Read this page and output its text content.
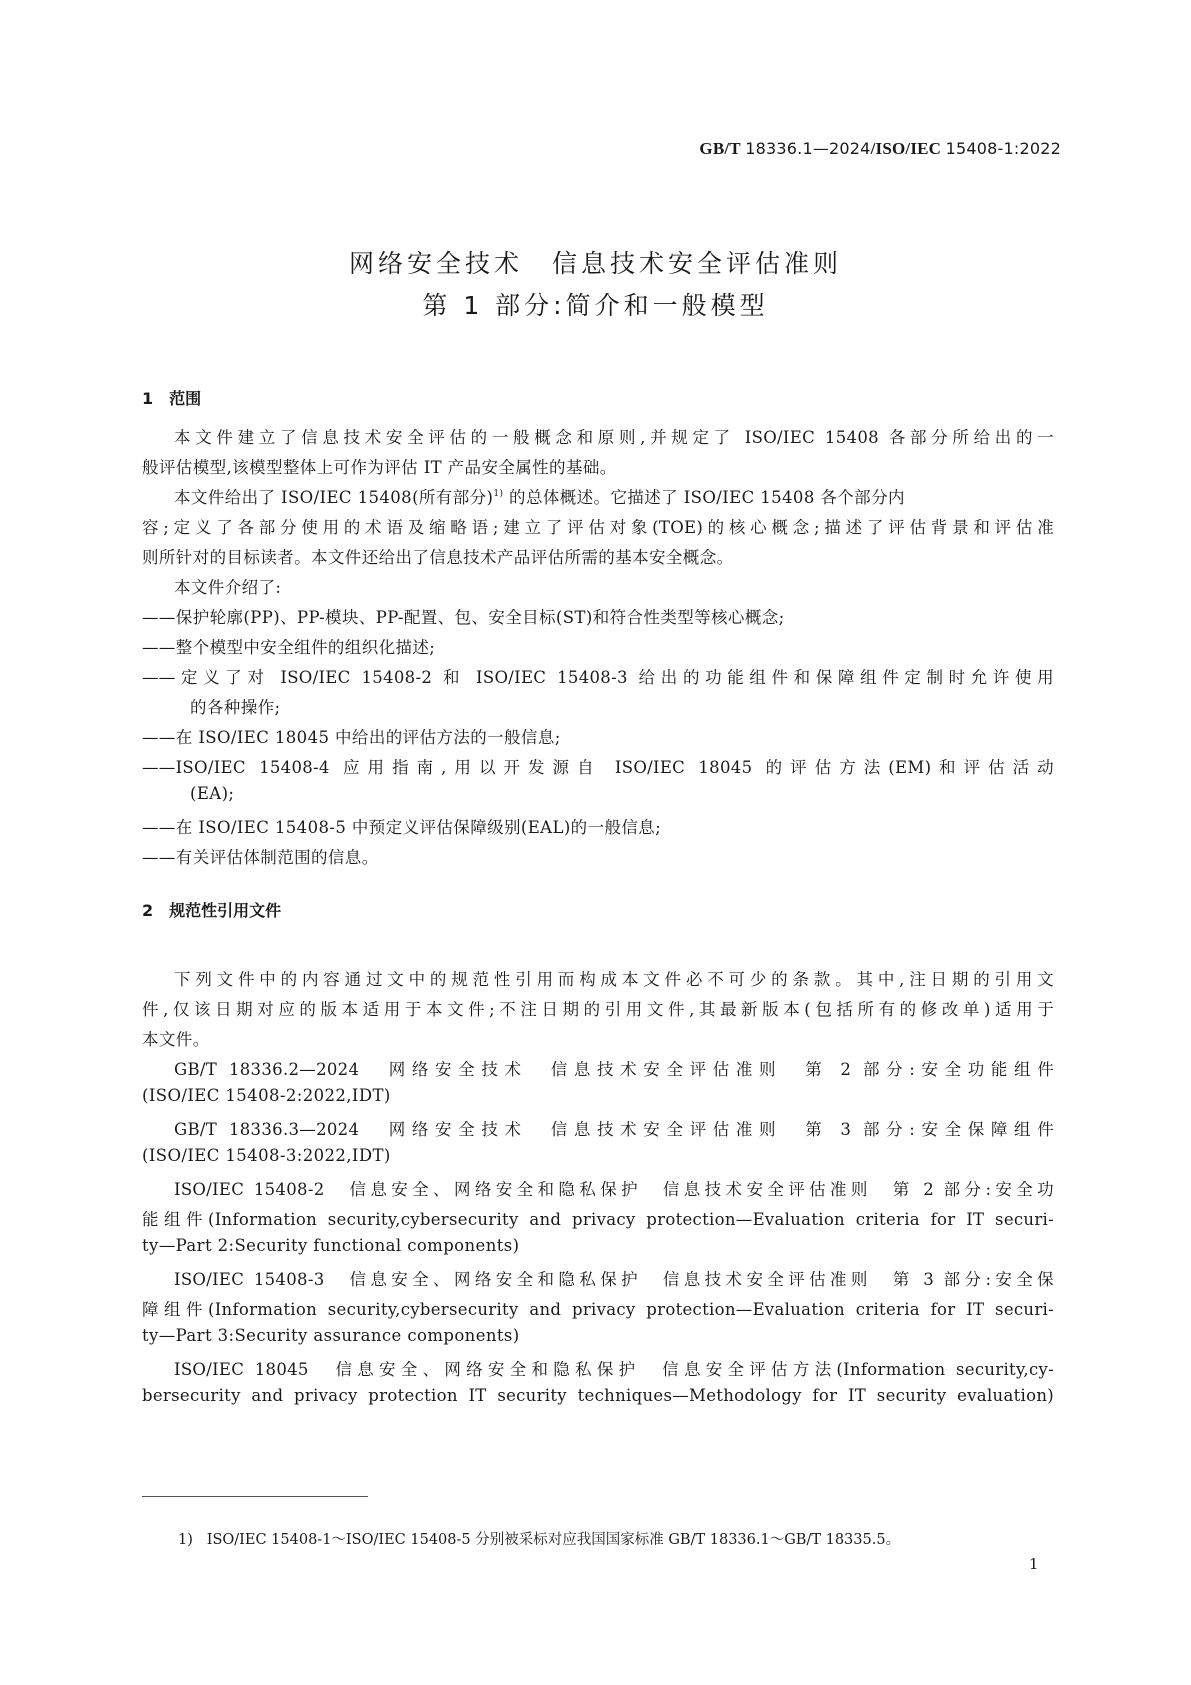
GB/T 18336.1—2024/ISO/IEC 15408-1:2022
网络安全技术　信息技术安全评估准则
第 1 部分:简介和一般模型
1　范围
本文件建立了信息技术安全评估的一般概念和原则,并规定了 ISO/IEC 15408 各部分所给出的一
般评估模型,该模型整体上可作为评估 IT 产品安全属性的基础。
本文件给出了 ISO/IEC 15408(所有部分)$^{1)}$ 的总体概述。它描述了 ISO/IEC 15408 各个部分内
容;定义了各部分使用的术语及缩略语;建立了评估对象(TOE)的核心概念;描述了评估背景和评估准
则所针对的目标读者。本文件还给出了信息技术产品评估所需的基本安全概念。
本文件介绍了:
——保护轮廓(PP)、PP-模块、PP-配置、包、安全目标(ST)和符合性类型等核心概念;
——整个模型中安全组件的组织化描述;
——定义了对 ISO/IEC 15408-2 和 ISO/IEC 15408-3 给出的功能组件和保障组件定制时允许使用
的各种操作;
——在 ISO/IEC 18045 中给出的评估方法的一般信息;
——ISO/IEC 15408-4 应用指南,用以开发源自 ISO/IEC 18045 的评估方法(EM)和评估活动
(EA);
——在 ISO/IEC 15408-5 中预定义评估保障级别(EAL)的一般信息;
——有关评估体制范围的信息。
2　规范性引用文件
下列文件中的内容通过文中的规范性引用而构成本文件必不可少的条款。其中,注日期的引用文
件,仅该日期对应的版本适用于本文件;不注日期的引用文件,其最新版本(包括所有的修改单)适用于
本文件。
GB/T 18336.2—2024　网络安全技术　信息技术安全评估准则　第 2 部分:安全功能组件
(ISO/IEC 15408-2:2022,IDT)
GB/T 18336.3—2024　网络安全技术　信息技术安全评估准则　第 3 部分:安全保障组件
(ISO/IEC 15408-3:2022,IDT)
ISO/IEC 15408-2　信息安全、网络安全和隐私保护　信息技术安全评估准则　第 2 部分:安全功
能组件(Information security,cybersecurity and privacy protection—Evaluation criteria for IT securi-
ty—Part 2:Security functional components)
ISO/IEC 15408-3　信息安全、网络安全和隐私保护　信息技术安全评估准则　第 3 部分:安全保
障组件(Information security,cybersecurity and privacy protection—Evaluation criteria for IT securi-
ty—Part 3:Security assurance components)
ISO/IEC 18045　信息安全、网络安全和隐私保护　信息安全评估方法(Information security,cy-
bersecurity and privacy protection IT security techniques—Methodology for IT security evaluation)
1) ISO/IEC 15408-1～ISO/IEC 15408-5 分别被采标对应我国国家标准 GB/T 18336.1～GB/T 18335.5。
1
